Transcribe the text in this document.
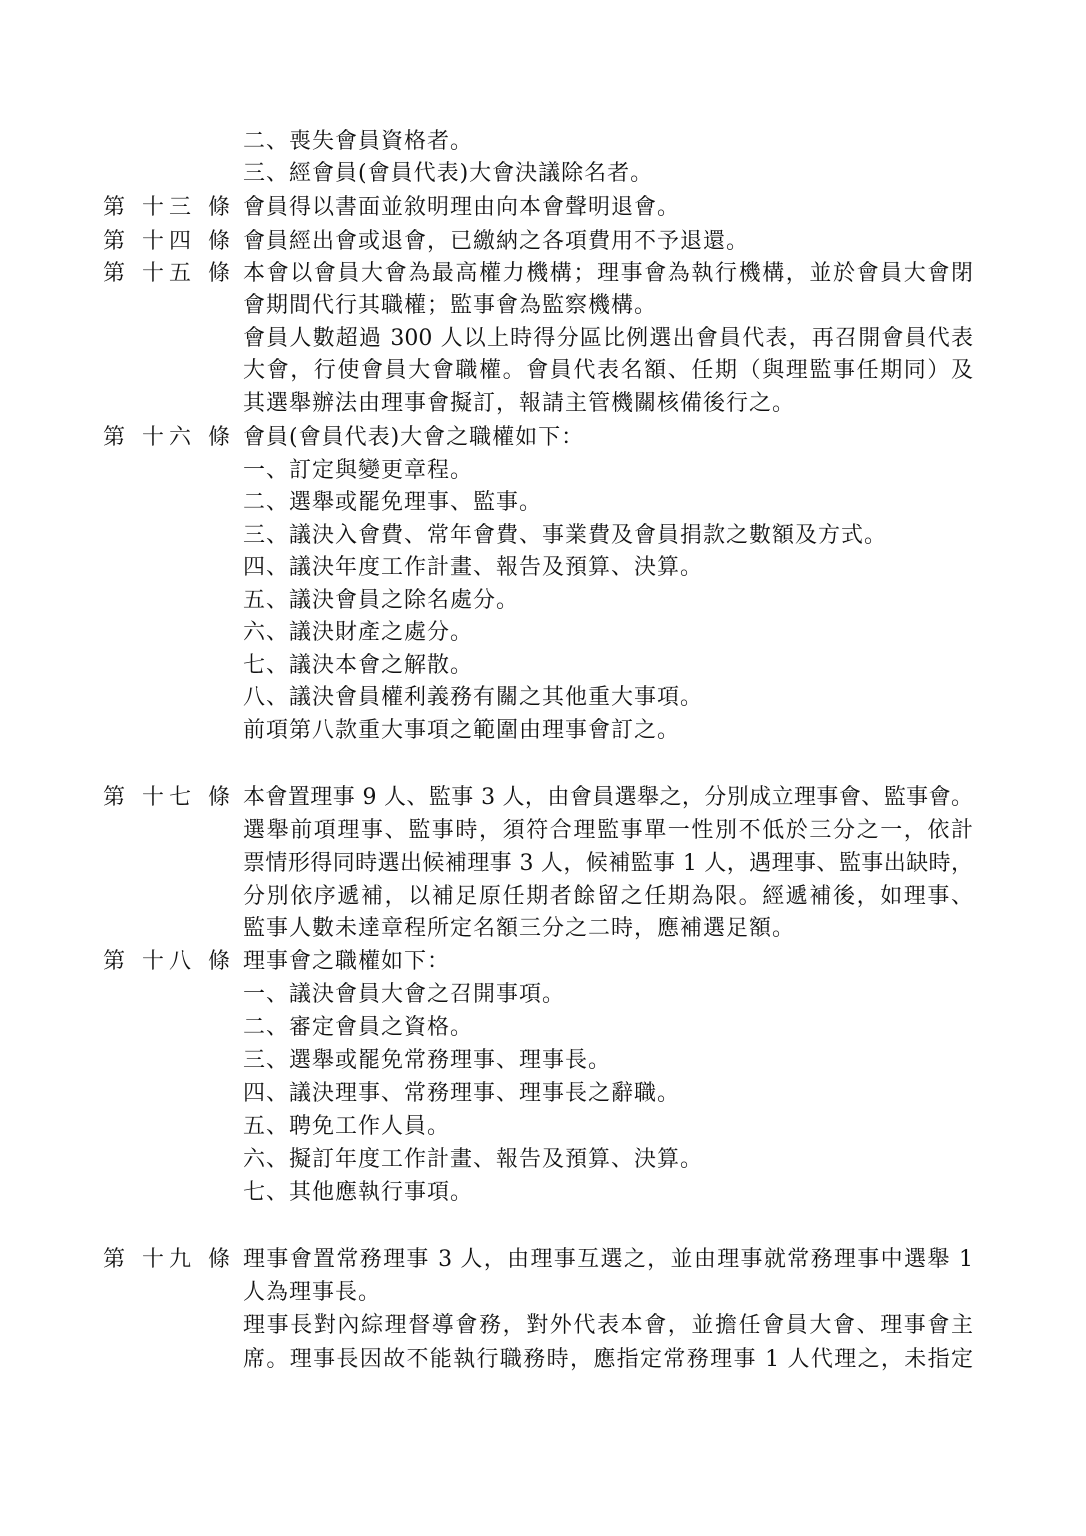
二、喪失會員資格者。
三、經會員(會員代表)大會決議除名者。
第 十三 條 會員得以書面並敘明理由向本會聲明退會。
第 十四 條 會員經出會或退會，已繳納之各項費用不予退還。
第 十五 條 本會以會員大會為最高權力機構；理事會為執行機構，並於會員大會閉
會期間代行其職權；監事會為監察機構。
會員人數超過 300 人以上時得分區比例選出會員代表，再召開會員代表
大會，行使會員大會職權。會員代表名額、任期（與理監事任期同）及
其選舉辦法由理事會擬訂，報請主管機關核備後行之。
第 十六 條 會員(會員代表)大會之職權如下：
一、訂定與變更章程。
二、選舉或罷免理事、監事。
三、議決入會費、常年會費、事業費及會員捐款之數額及方式。
四、議決年度工作計畫、報告及預算、決算。
五、議決會員之除名處分。
六、議決財產之處分。
七、議決本會之解散。
八、議決會員權利義務有關之其他重大事項。
前項第八款重大事項之範圍由理事會訂之。
第 十七 條 本會置理事 9 人、監事 3 人，由會員選舉之，分別成立理事會、監事會。
選舉前項理事、監事時，須符合理監事單一性別不低於三分之一，依計
票情形得同時選出候補理事 3 人，候補監事 1 人，遇理事、監事出缺時，
分別依序遞補，以補足原任期者餘留之任期為限。經遞補後，如理事、
監事人數未達章程所定名額三分之二時，應補選足額。
第 十八 條 理事會之職權如下：
一、議決會員大會之召開事項。
二、審定會員之資格。
三、選舉或罷免常務理事、理事長。
四、議決理事、常務理事、理事長之辭職。
五、聘免工作人員。
六、擬訂年度工作計畫、報告及預算、決算。
七、其他應執行事項。
第 十九 條 理事會置常務理事 3 人，由理事互選之，並由理事就常務理事中選舉 1
人為理事長。
理事長對內綜理督導會務，對外代表本會，並擔任會員大會、理事會主
席。理事長因故不能執行職務時，應指定常務理事 1 人代理之，未指定
